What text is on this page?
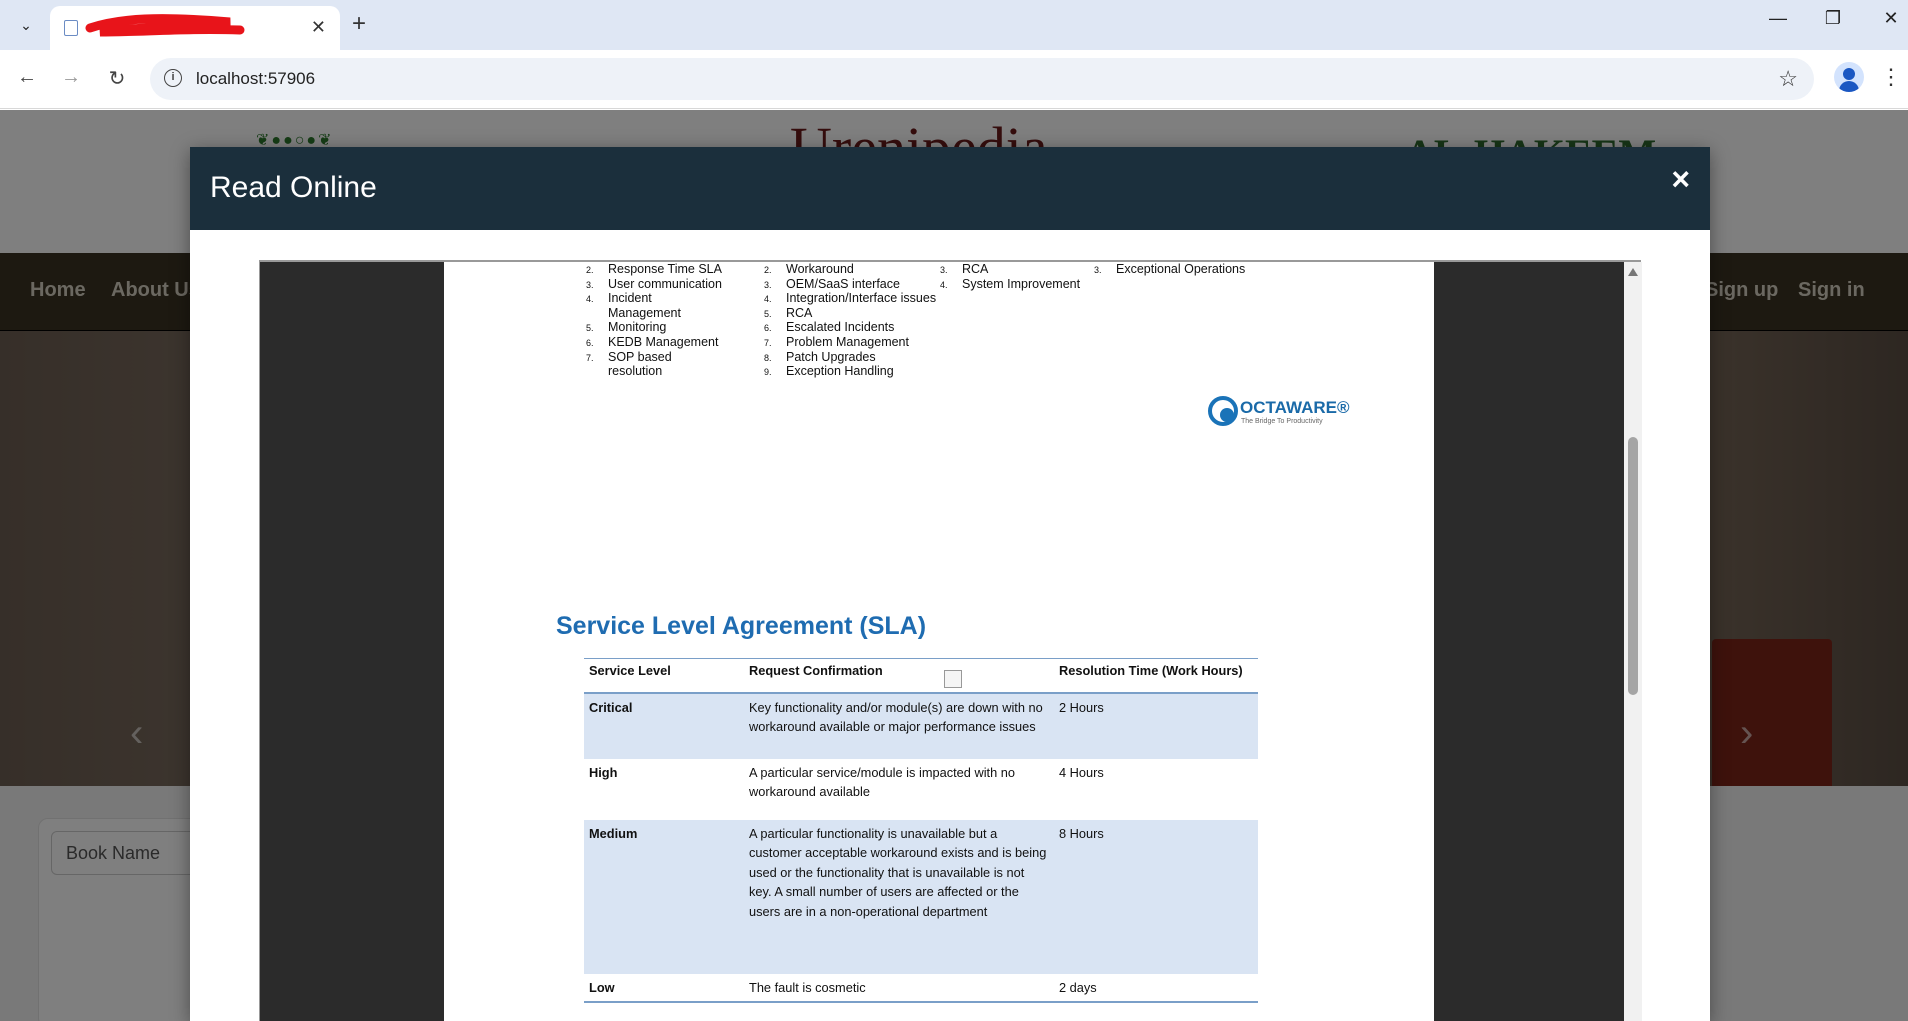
⌄	✕ +	—	❐	✕
← →	↻	i	localhost:57906	☆	⋮
Read Online	×
2. Response Time SLA
3. User communication
4. Incident Management
5. Monitoring
6. KEDB Management
7. SOP based resolution
2. Workaround
3. OEM/SaaS interface
4. Integration/Interface issues
5. RCA
6. Escalated Incidents
7. Problem Management
8. Patch Upgrades
9. Exception Handling
3. RCA
4. System Improvement
3. Exceptional Operations
OCTAWARE®
The Bridge To Productivity
Service Level Agreement (SLA)
Service Level	Request Confirmation	Resolution Time (Work Hours)
Critical	Key functionality and/or module(s) are down with no workaround available or major performance issues	2 Hours
High	A particular service/module is impacted with no workaround available	4 Hours
Medium	A particular functionality is unavailable but a customer acceptable workaround exists and is being used or the functionality that is unavailable is not key. A small number of users are affected or the users are in a non-operational department	8 Hours
Low	The fault is cosmetic	2 days
